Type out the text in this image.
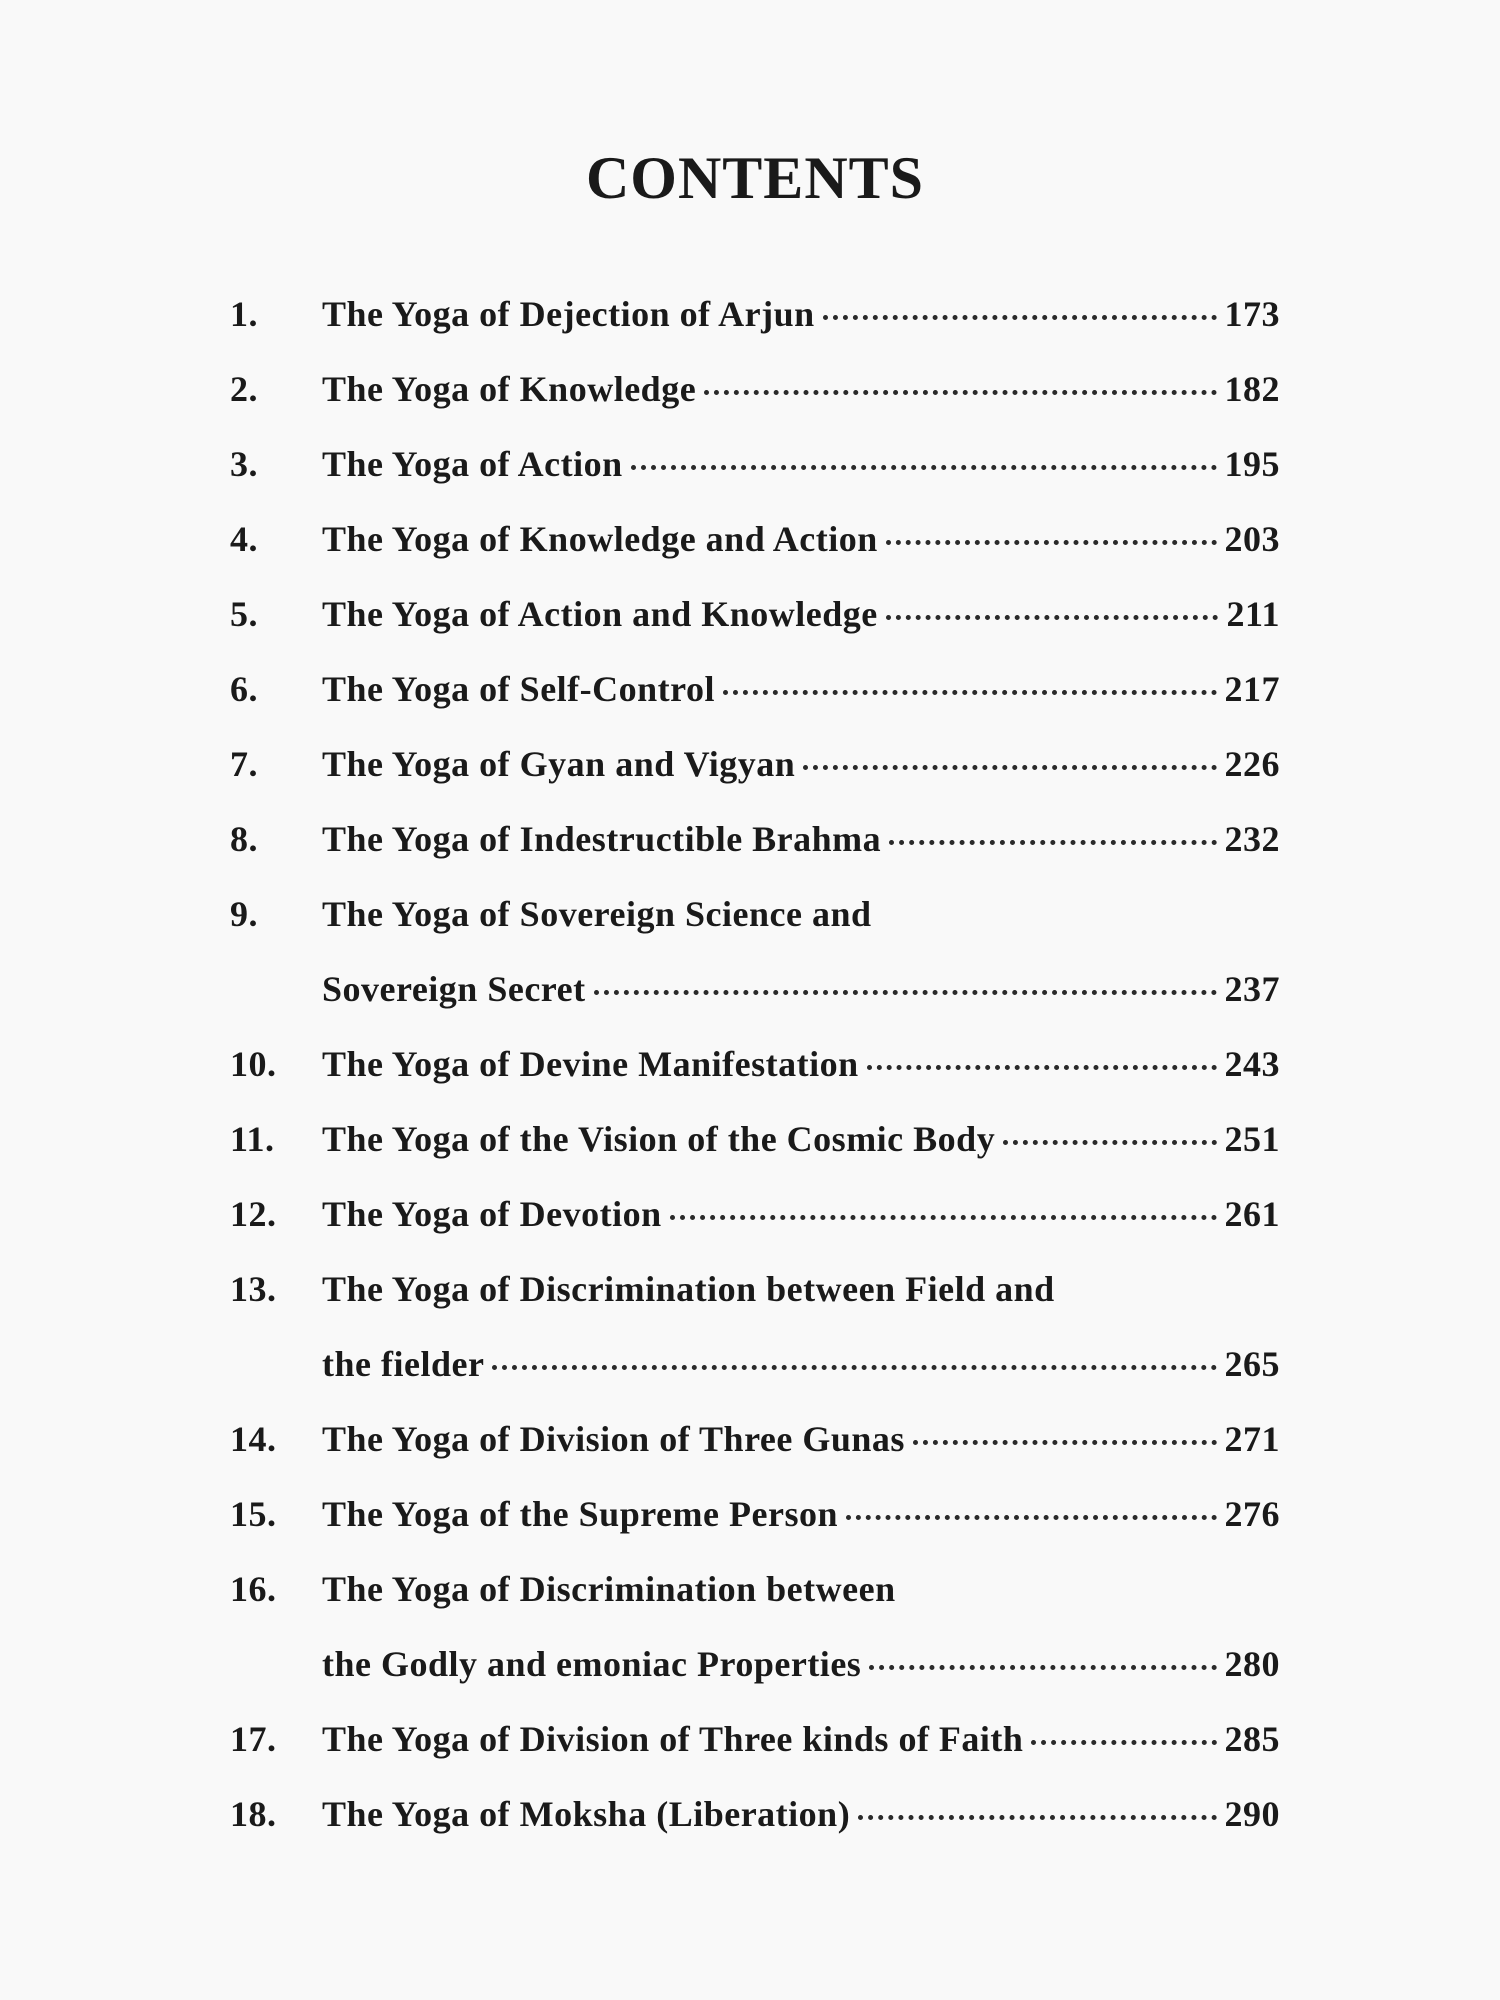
CONTENTS
1.	The Yoga of Dejection of Arjun	173
2.	The Yoga of Knowledge	182
3.	The Yoga of Action	195
4.	The Yoga of Knowledge and Action	203
5.	The Yoga of Action and Knowledge	211
6.	The Yoga of Self-Control	217
7.	The Yoga of Gyan and Vigyan	226
8.	The Yoga of Indestructible Brahma	232
9.	The Yoga of Sovereign Science and
Sovereign Secret	237
10.	The Yoga of Devine Manifestation	243
11.	The Yoga of the Vision of the Cosmic Body	251
12.	The Yoga of Devotion	261
13.	The Yoga of Discrimination between Field and
the fielder	265
14.	The Yoga of Division of Three Gunas	271
15.	The Yoga of the Supreme Person	276
16.	The Yoga of Discrimination between
the Godly and emoniac Properties	280
17.	The Yoga of Division of Three kinds of Faith	285
18.	The Yoga of Moksha (Liberation)	290
